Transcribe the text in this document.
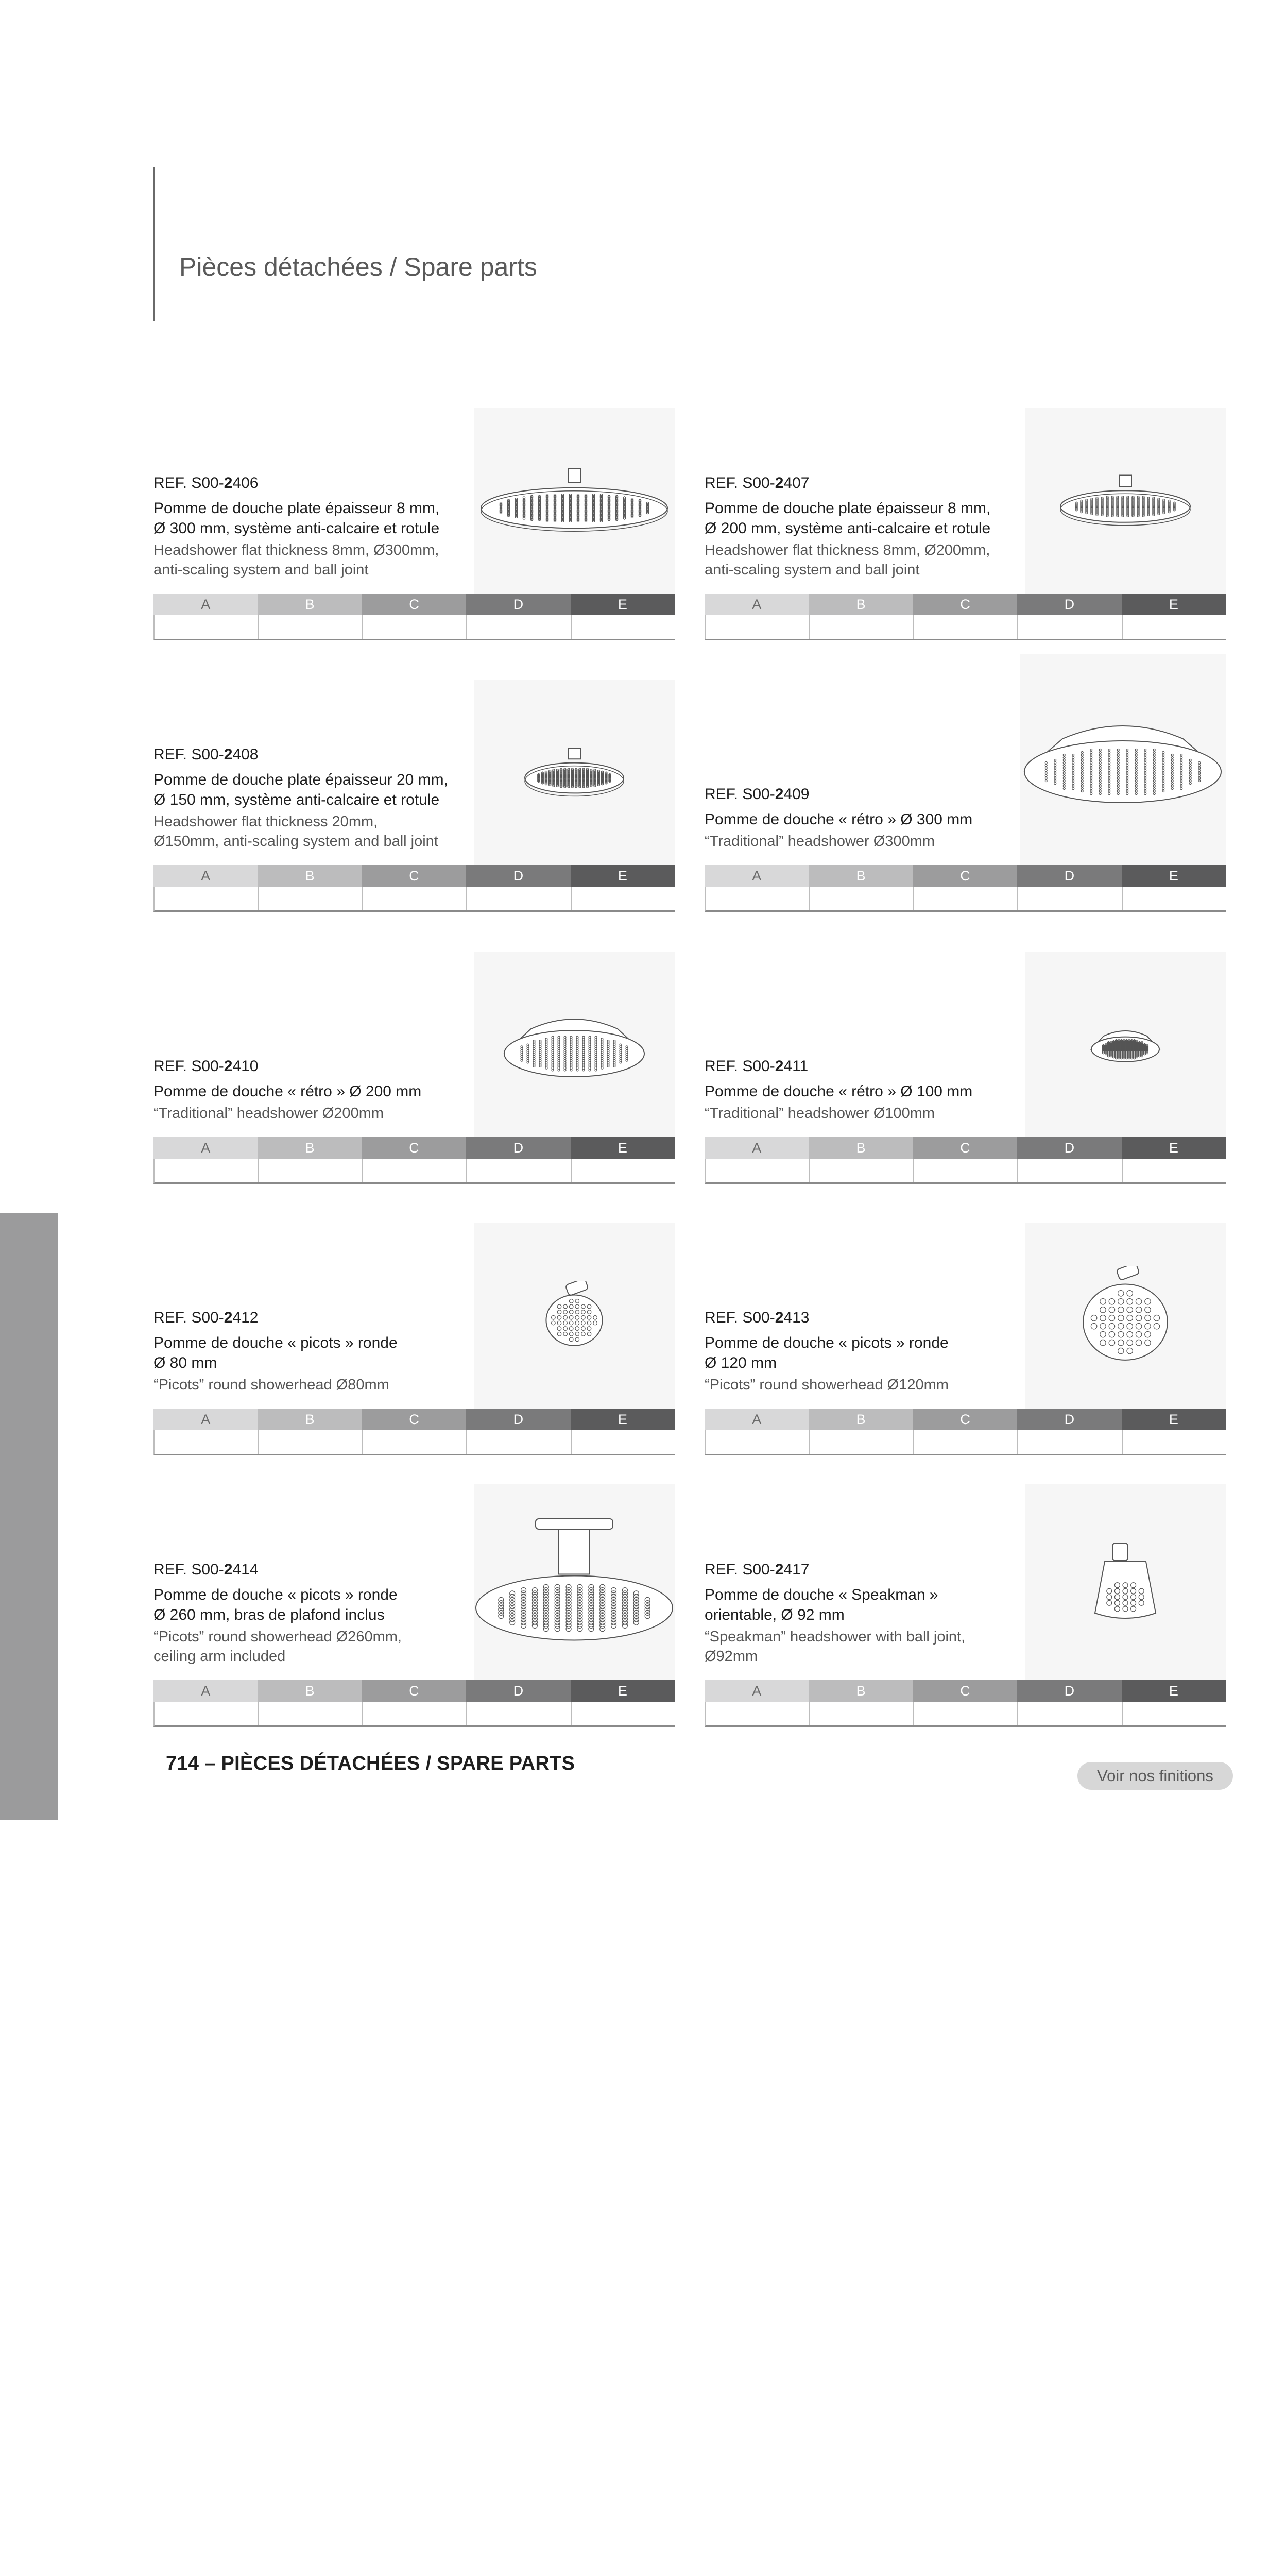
Pièces détachées / Spare parts

REF. S00-2406

Pomme de douche plate épaisseur 8 mm,

Ø 300 mm, système anti-calcaire et rotule

Headshower flat thickness 8mm, Ø300mm,

anti-scaling system and ball joint

A	B	C	D	E

REF. S00-2407

Pomme de douche plate épaisseur 8 mm,

Ø 200 mm, système anti-calcaire et rotule

Headshower flat thickness 8mm, Ø200mm,

anti-scaling system and ball joint

A	B	C	D	E

REF. S00-2408

Pomme de douche plate épaisseur 20 mm,

Ø 150 mm, système anti-calcaire et rotule

Headshower flat thickness 20mm,

Ø150mm, anti-scaling system and ball joint

A	B	C	D	E

REF. S00-2409

Pomme de douche « rétro » Ø 300 mm

“Traditional” headshower Ø300mm

A	B	C	D	E

REF. S00-2410

Pomme de douche « rétro » Ø 200 mm

“Traditional” headshower Ø200mm

A	B	C	D	E

REF. S00-2411

Pomme de douche « rétro » Ø 100 mm

“Traditional” headshower Ø100mm

A	B	C	D	E

REF. S00-2412

Pomme de douche « picots » ronde

Ø 80 mm

“Picots” round showerhead Ø80mm

A	B	C	D	E

REF. S00-2413

Pomme de douche « picots » ronde

Ø 120 mm

“Picots” round showerhead Ø120mm

A	B	C	D	E

REF. S00-2414

Pomme de douche « picots » ronde

Ø 260 mm, bras de plafond inclus

“Picots” round showerhead Ø260mm,

ceiling arm included

A	B	C	D	E

REF. S00-2417

Pomme de douche « Speakman »

orientable, Ø 92 mm

“Speakman” headshower with ball joint,

Ø92mm

A	B	C	D	E
714 – PIÈCES DÉTACHÉES / SPARE PARTS
Voir nos finitions
